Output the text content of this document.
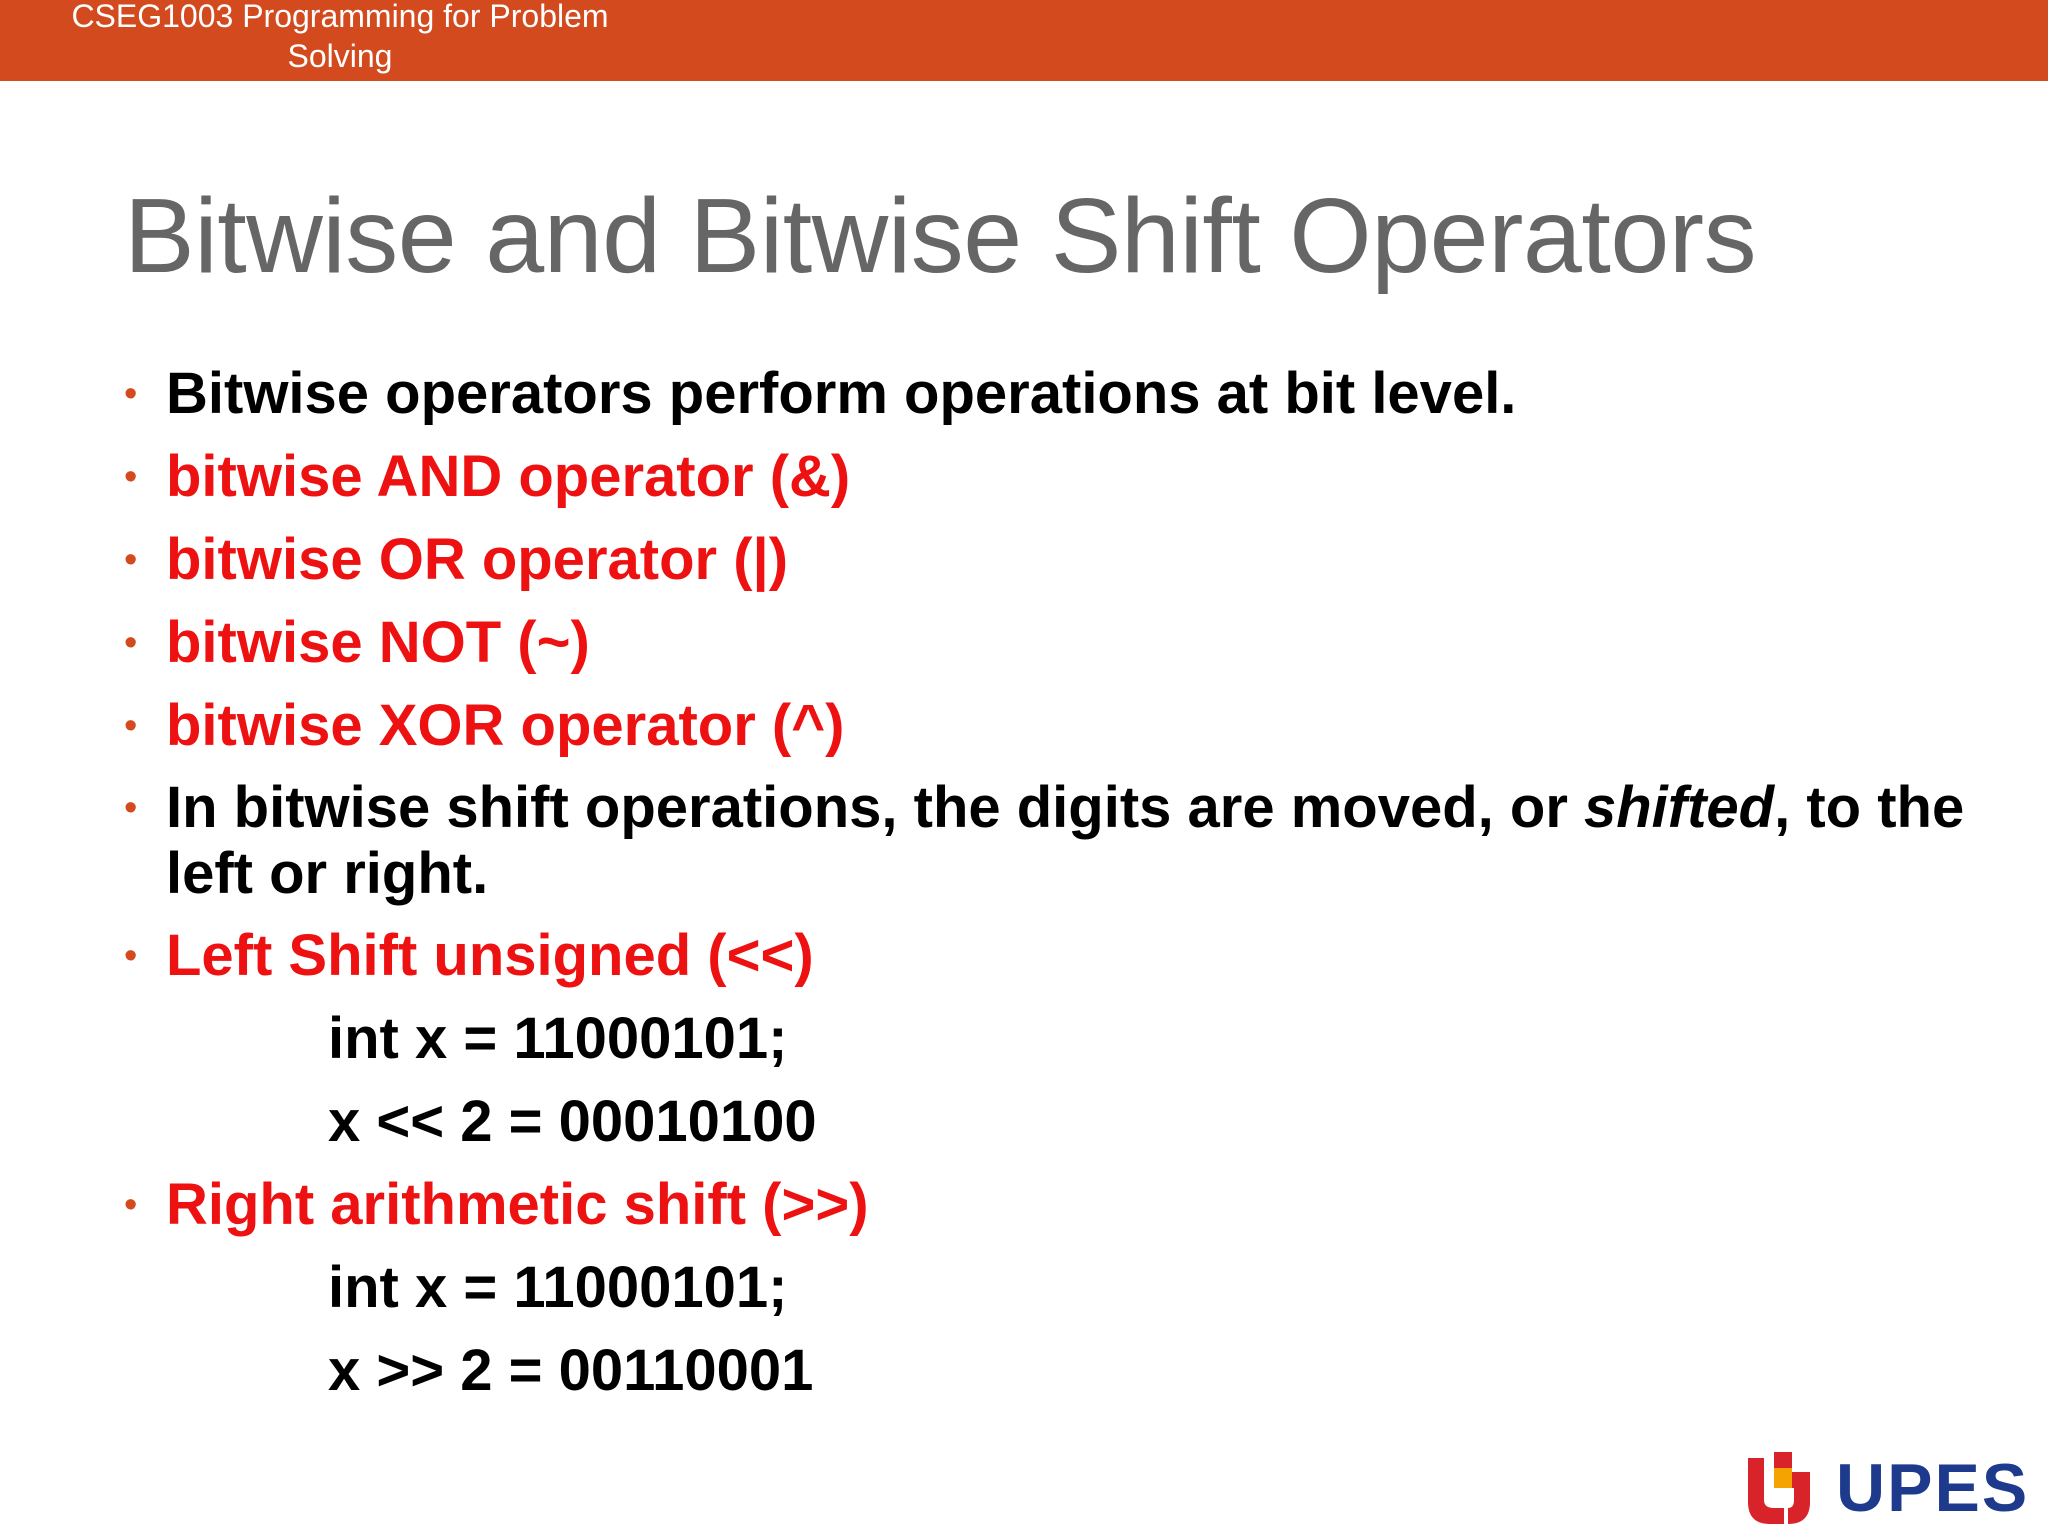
CSEG1003 Programming for Problem
Solving
Bitwise and Bitwise Shift Operators
• Bitwise operators perform operations at bit level.
• bitwise AND operator (&)
• bitwise OR operator (|)
• bitwise NOT (~)
• bitwise XOR operator (^)
• In bitwise shift operations, the digits are moved, or shifted, to the left or right.
• Left Shift unsigned (<<)
int x = 11000101;
x << 2 = 00010100
• Right arithmetic shift (>>)
int x = 11000101;
x >> 2 = 00110001
UPES
